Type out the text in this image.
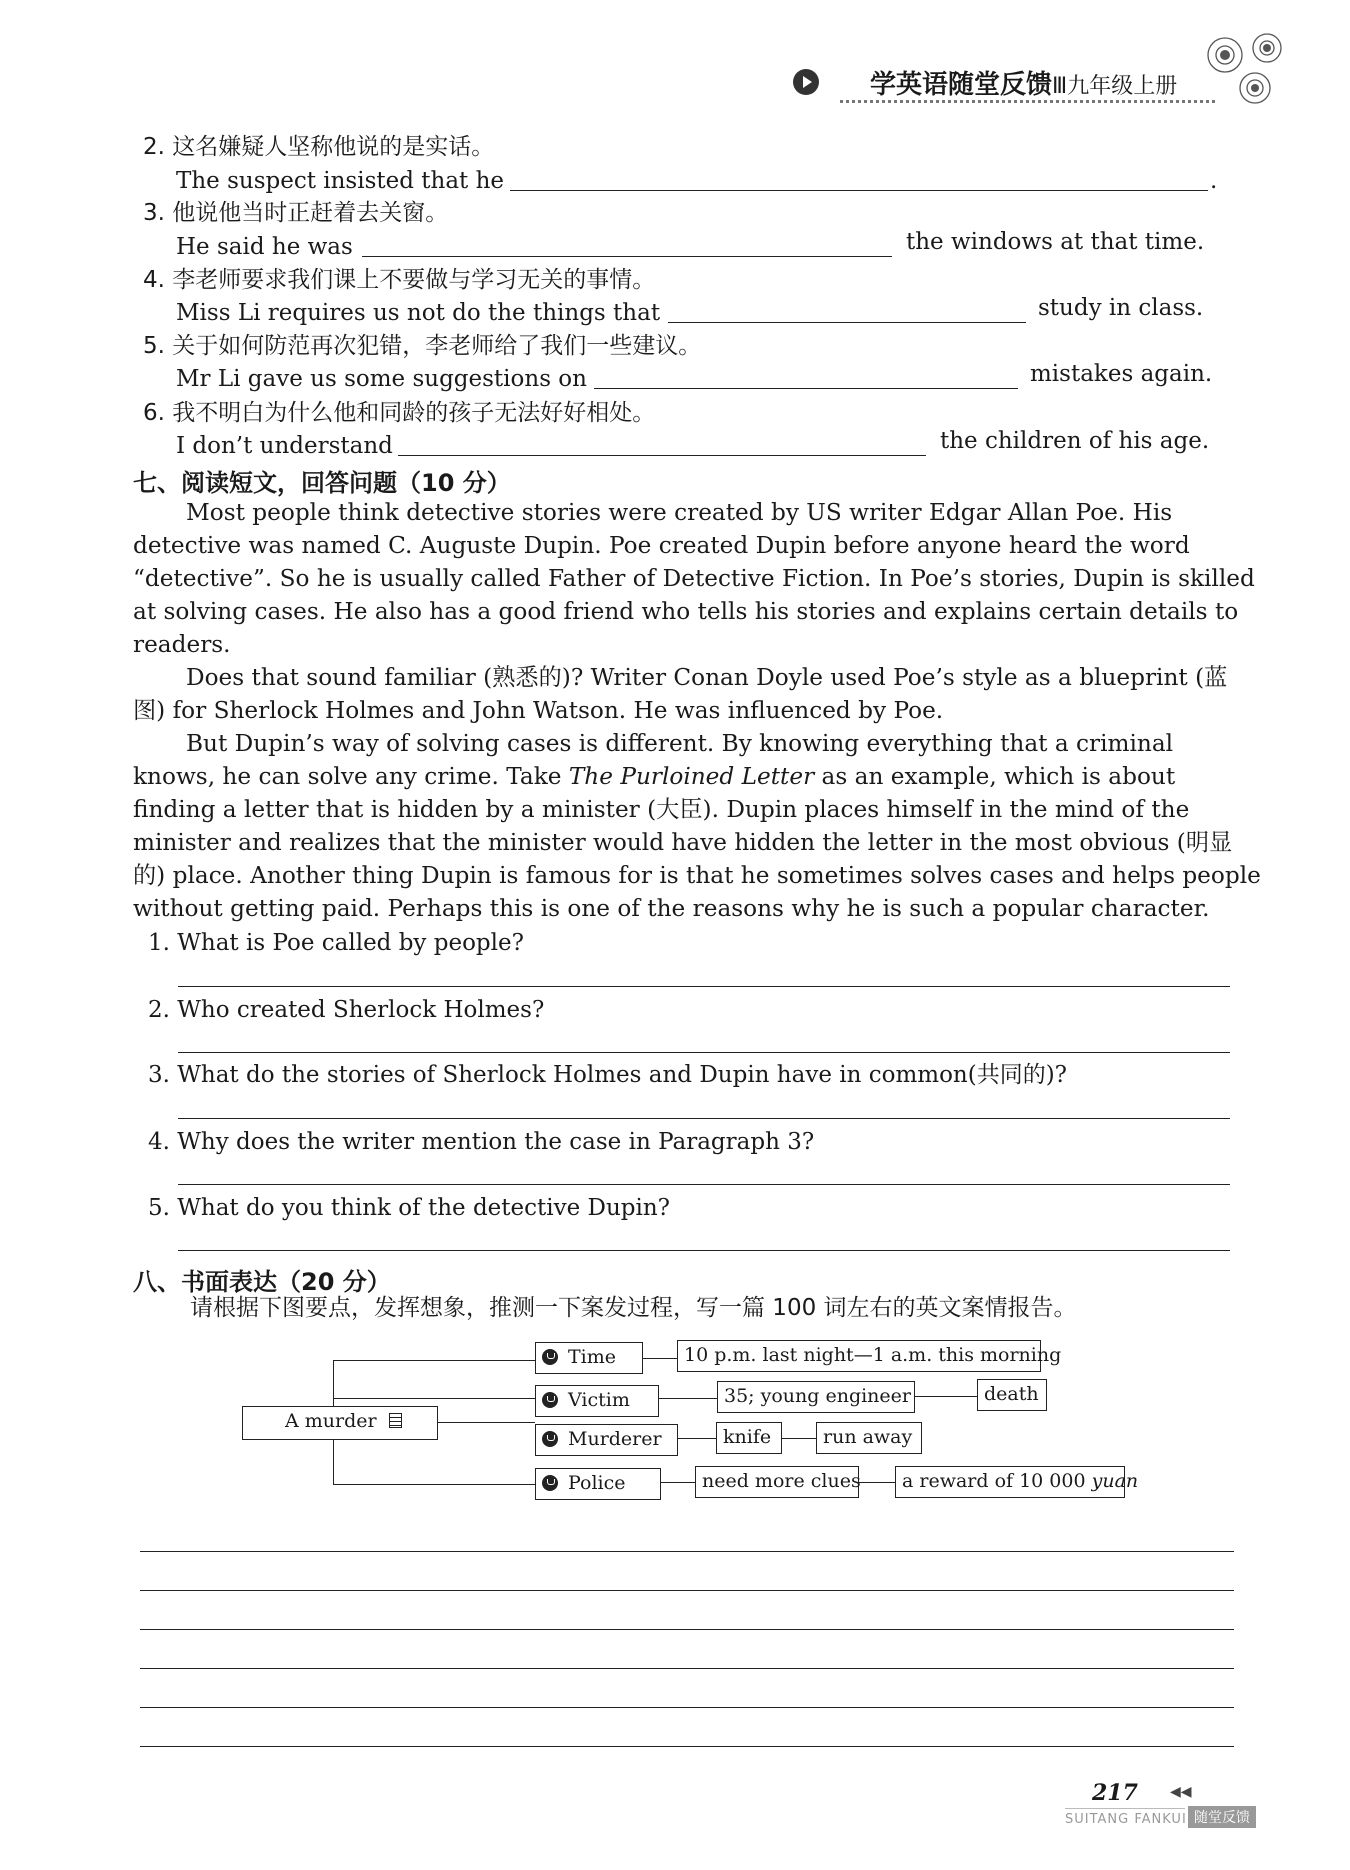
学英语随堂反馈Ⅲ九年级上册
2. 这名嫌疑人坚称他说的是实话。
The suspect insisted that he	.
3. 他说他当时正赶着去关窗。
He said he was	the windows at that time.
4. 李老师要求我们课上不要做与学习无关的事情。
Miss Li requires us not do the things that	study in class.
5. 关于如何防范再次犯错，李老师给了我们一些建议。
Mr Li gave us some suggestions on	mistakes again.
6. 我不明白为什么他和同龄的孩子无法好好相处。
I don’t understand	the children of his age.
七、阅读短文，回答问题（10 分）
Most people think detective stories were created by US writer Edgar Allan Poe. His
detective was named C. Auguste Dupin. Poe created Dupin before anyone heard the word
“detective”. So he is usually called Father of Detective Fiction. In Poe’s stories, Dupin is skilled
at solving cases. He also has a good friend who tells his stories and explains certain details to
readers.
Does that sound familiar (熟悉的)? Writer Conan Doyle used Poe’s style as a blueprint (蓝
图) for Sherlock Holmes and John Watson. He was influenced by Poe.
But Dupin’s way of solving cases is different. By knowing everything that a criminal
knows, he can solve any crime. Take The Purloined Letter as an example, which is about
finding a letter that is hidden by a minister (大臣). Dupin places himself in the mind of the
minister and realizes that the minister would have hidden the letter in the most obvious (明显
的) place. Another thing Dupin is famous for is that he sometimes solves cases and helps people
without getting paid. Perhaps this is one of the reasons why he is such a popular character.
1. What is Poe called by people?
2. Who created Sherlock Holmes?
3. What do the stories of Sherlock Holmes and Dupin have in common(共同的)?
4. Why does the writer mention the case in Paragraph 3?
5. What do you think of the detective Dupin?
八、书面表达（20 分）
请根据下图要点，发挥想象，推测一下案发过程，写一篇 100 词左右的英文案情报告。
A murder
Time	10 p.m. last night—1 a.m. this morning
Victim	35; young engineer	death
Murderer	knife	run away
Police	need more clues	a reward of 10 000 yuan
217 ◀◀
SUITANG FANKUI 随堂反馈
